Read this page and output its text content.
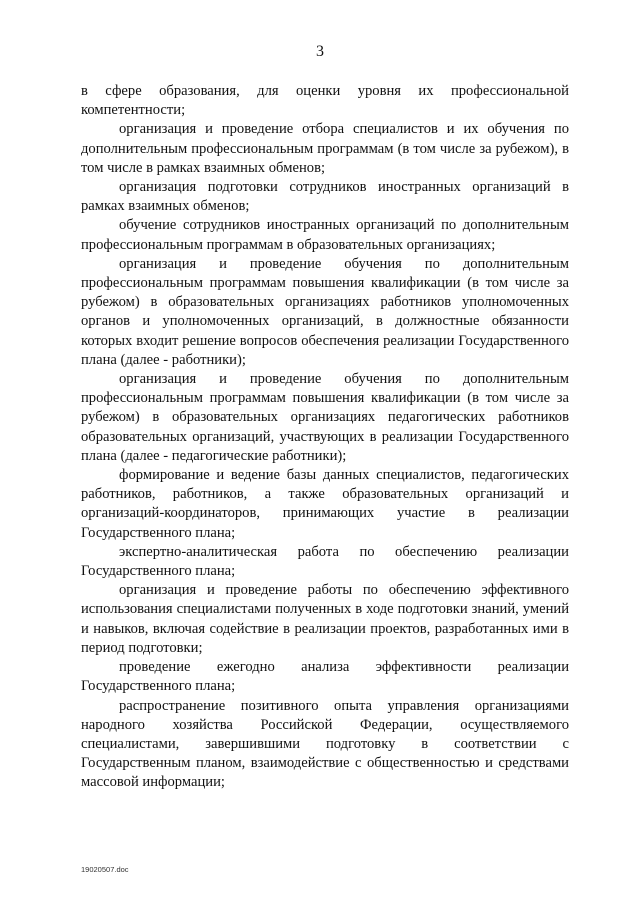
3

в сфере образования, для оценки уровня их профессиональной компетентности;

организация и проведение отбора специалистов и их обучения по дополнительным профессиональным программам (в том числе за рубежом), в том числе в рамках взаимных обменов;

организация подготовки сотрудников иностранных организаций в рамках взаимных обменов;

обучение сотрудников иностранных организаций по дополнительным профессиональным программам в образовательных организациях;

организация и проведение обучения по дополнительным профессиональным программам повышения квалификации (в том числе за рубежом) в образовательных организациях работников уполномоченных органов и уполномоченных организаций, в должностные обязанности которых входит решение вопросов обеспечения реализации Государственного плана (далее - работники);

организация и проведение обучения по дополнительным профессиональным программам повышения квалификации (в том числе за рубежом) в образовательных организациях педагогических работников образовательных организаций, участвующих в реализации Государственного плана (далее - педагогические работники);

формирование и ведение базы данных специалистов, педагогических работников, работников, а также образовательных организаций и организаций-координаторов, принимающих участие в реализации Государственного плана;

экспертно-аналитическая работа по обеспечению реализации Государственного плана;

организация и проведение работы по обеспечению эффективного использования специалистами полученных в ходе подготовки знаний, умений и навыков, включая содействие в реализации проектов, разработанных ими в период подготовки;

проведение ежегодно анализа эффективности реализации Государственного плана;

распространение позитивного опыта управления организациями народного хозяйства Российской Федерации, осуществляемого специалистами, завершившими подготовку в соответствии с Государственным планом, взаимодействие с общественностью и средствами массовой информации;

19020507.doc
